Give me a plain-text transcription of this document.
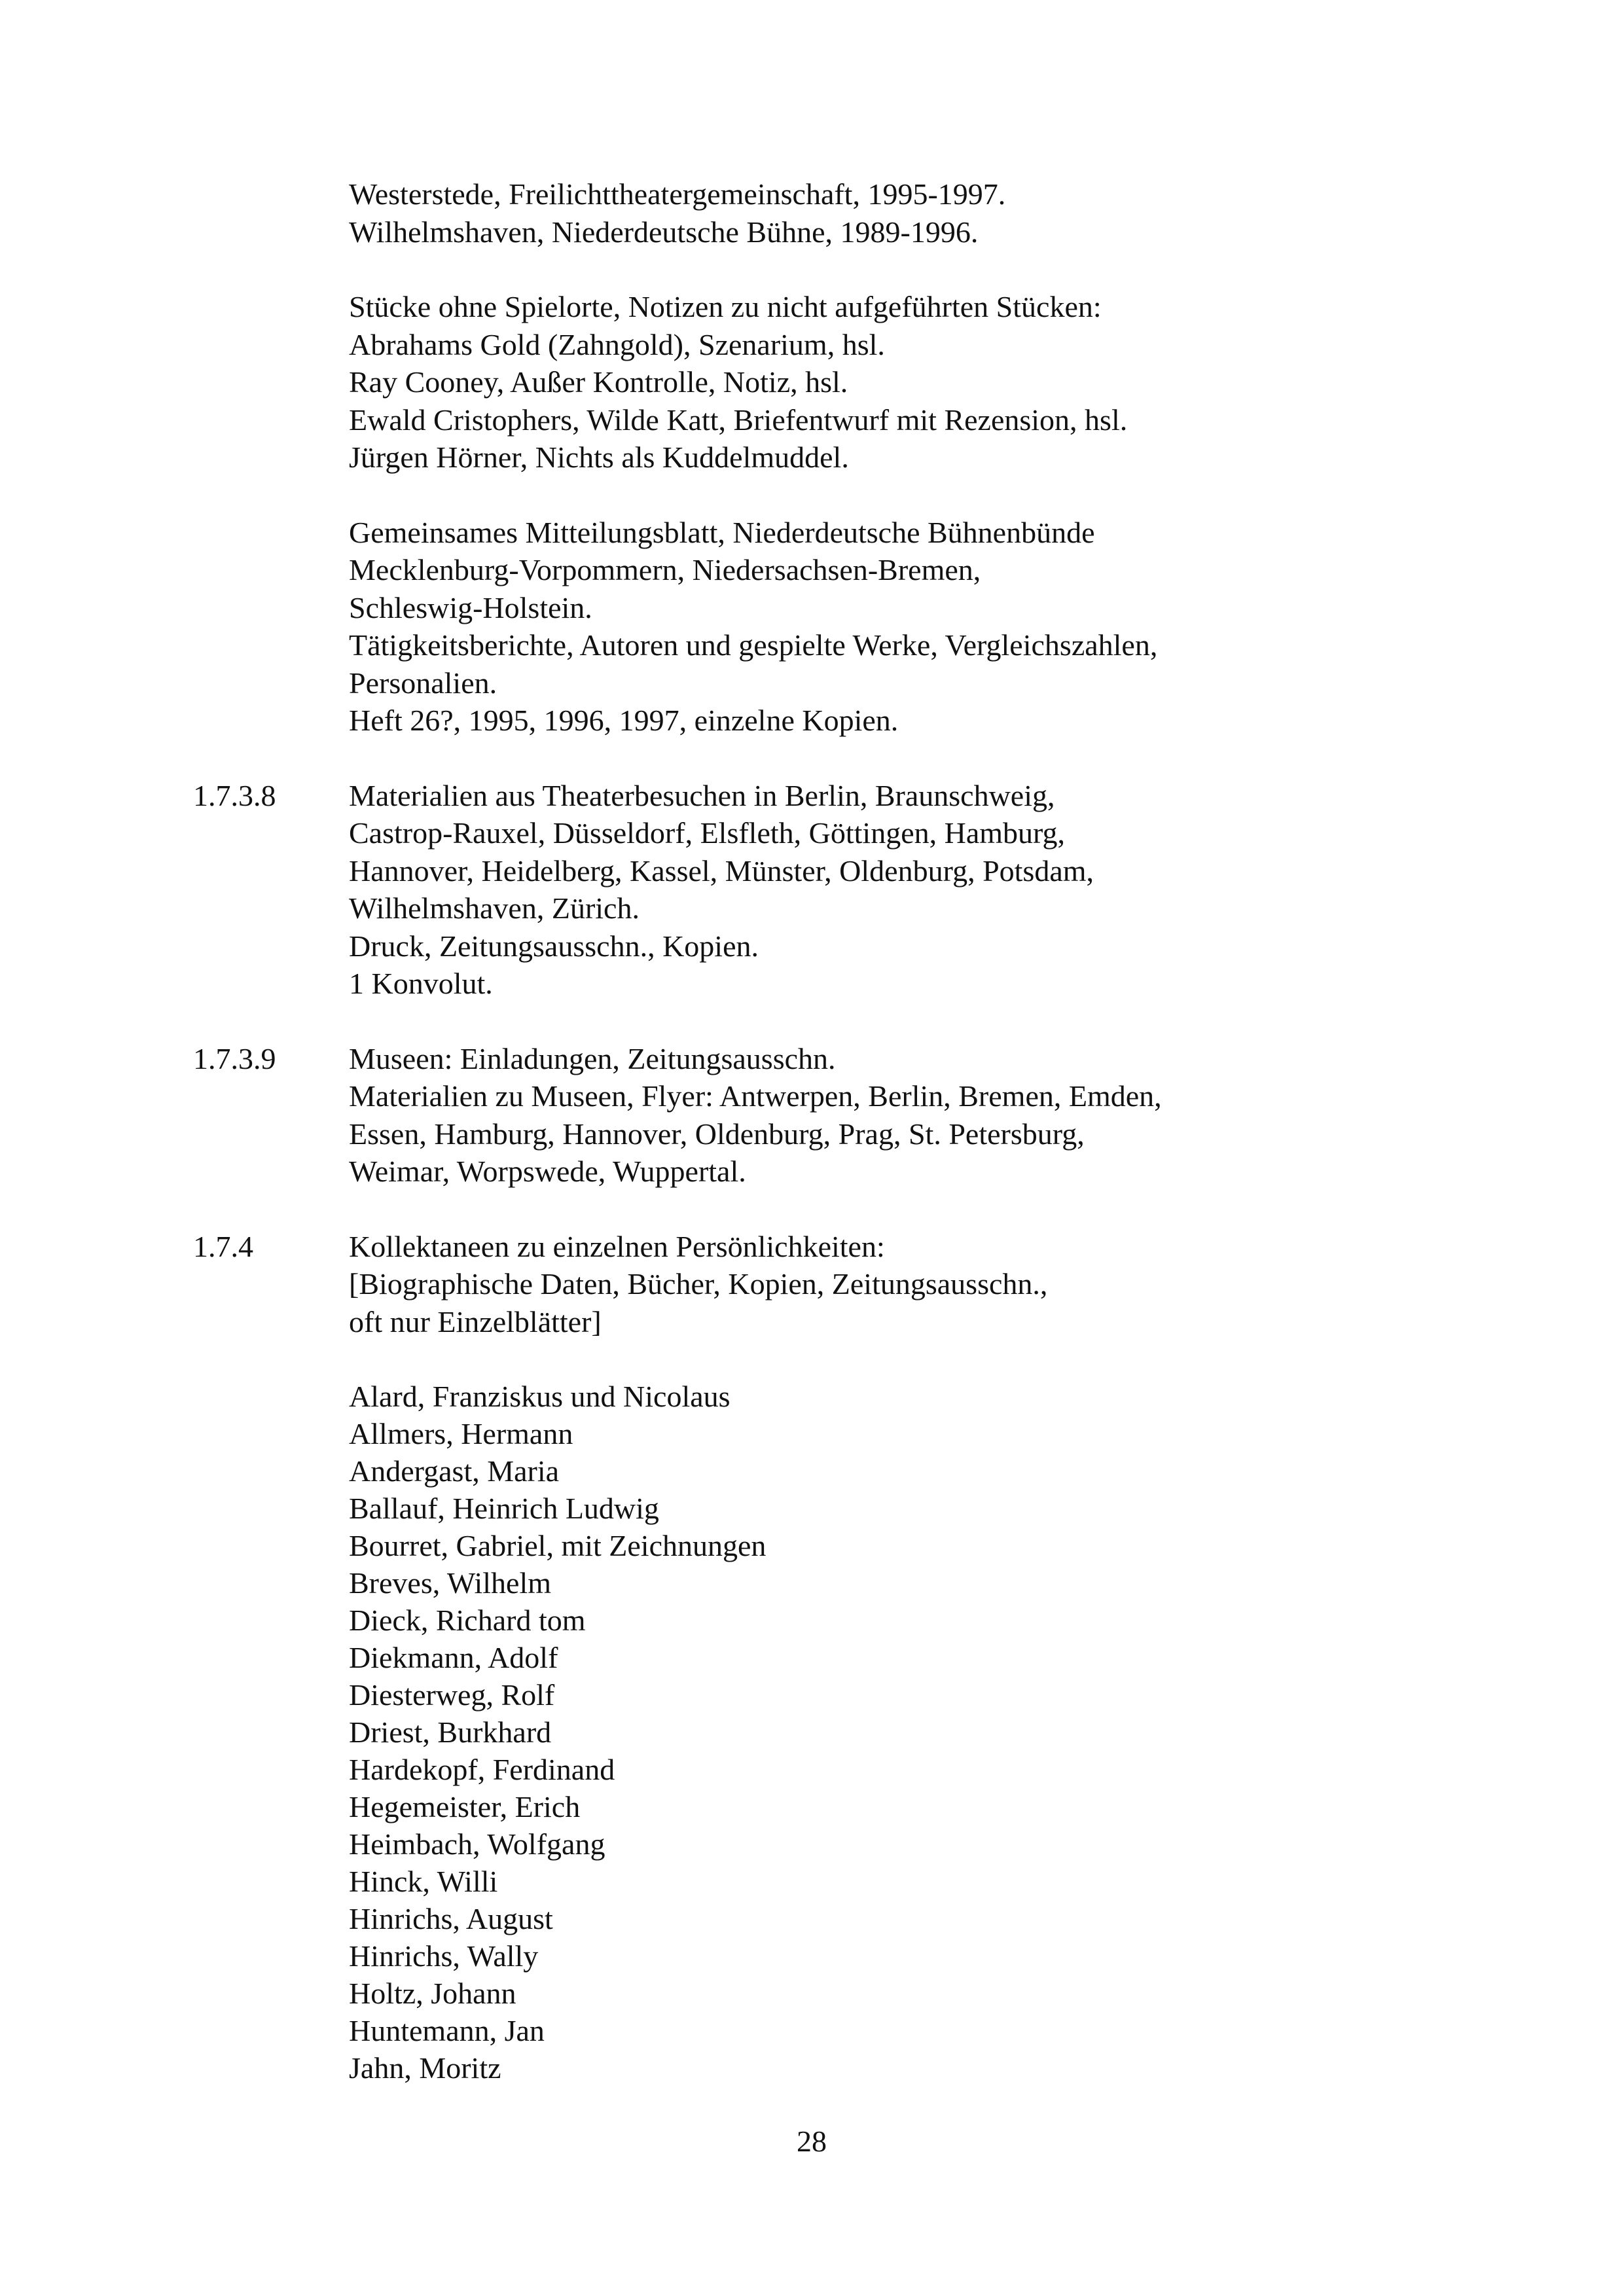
Westerstede, Freilichttheatergemeinschaft, 1995-1997.
Wilhelmshaven, Niederdeutsche Bühne, 1989-1996.
Stücke ohne Spielorte, Notizen zu nicht aufgeführten Stücken:
Abrahams Gold (Zahngold), Szenarium, hsl.
Ray Cooney, Außer Kontrolle, Notiz, hsl.
Ewald Cristophers, Wilde Katt, Briefentwurf mit Rezension, hsl.
Jürgen Hörner, Nichts als Kuddelmuddel.
Gemeinsames Mitteilungsblatt, Niederdeutsche Bühnenbünde
Mecklenburg-Vorpommern, Niedersachsen-Bremen,
Schleswig-Holstein.
Tätigkeitsberichte, Autoren und gespielte Werke, Vergleichszahlen,
Personalien.
Heft 26?, 1995, 1996, 1997, einzelne Kopien.
1.7.3.8 Materialien aus Theaterbesuchen in Berlin, Braunschweig,
Castrop-Rauxel, Düsseldorf, Elsfleth, Göttingen, Hamburg,
Hannover, Heidelberg, Kassel, Münster, Oldenburg, Potsdam,
Wilhelmshaven, Zürich.
Druck, Zeitungsausschn., Kopien.
1 Konvolut.
1.7.3.9 Museen: Einladungen, Zeitungsausschn.
Materialien zu Museen, Flyer: Antwerpen, Berlin, Bremen, Emden,
Essen, Hamburg, Hannover, Oldenburg, Prag, St. Petersburg,
Weimar, Worpswede, Wuppertal.
1.7.4	Kollektaneen zu einzelnen Persönlichkeiten:
[Biographische Daten, Bücher, Kopien, Zeitungsausschn.,
oft nur Einzelblätter]
Alard, Franziskus und Nicolaus
Allmers, Hermann
Andergast, Maria
Ballauf, Heinrich Ludwig
Bourret, Gabriel, mit Zeichnungen
Breves, Wilhelm
Dieck, Richard tom
Diekmann, Adolf
Diesterweg, Rolf
Driest, Burkhard
Hardekopf, Ferdinand
Hegemeister, Erich
Heimbach, Wolfgang
Hinck, Willi
Hinrichs, August
Hinrichs, Wally
Holtz, Johann
Huntemann, Jan
Jahn, Moritz
28
